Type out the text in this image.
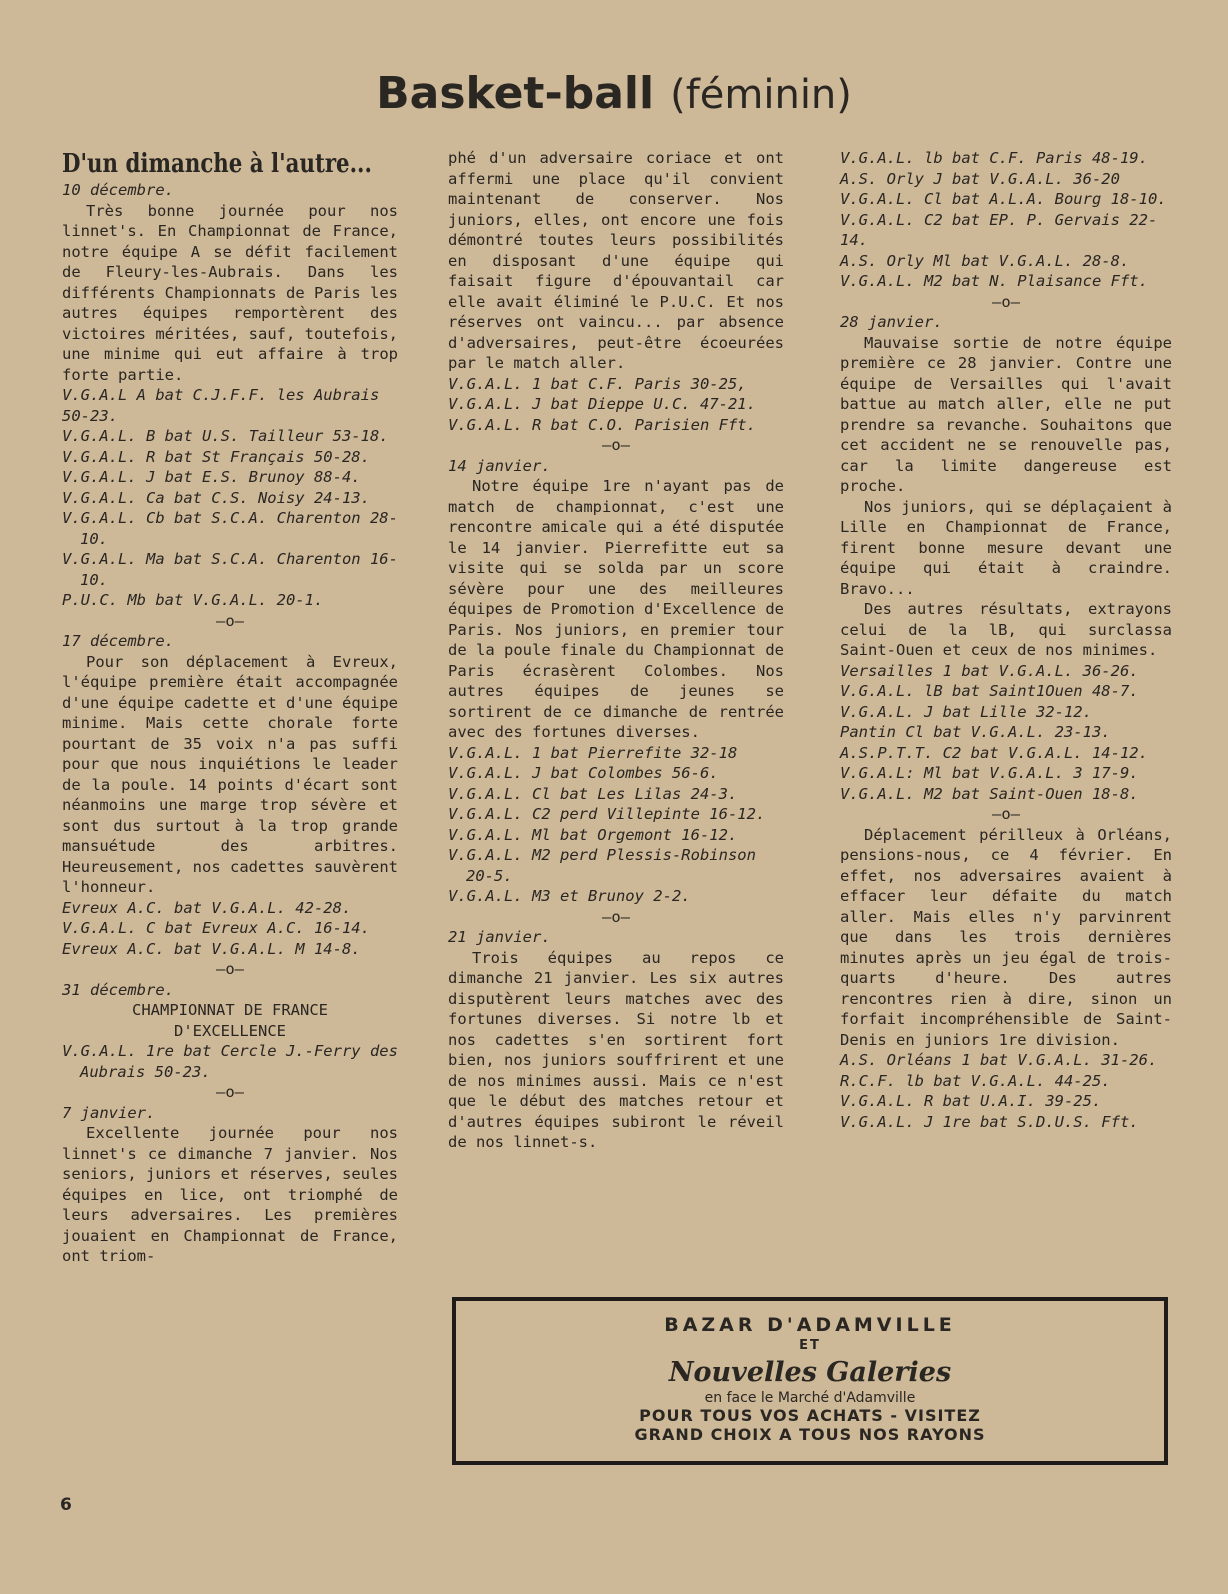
Basket-ball (féminin)

D'un dimanche à l'autre...

10 décembre.

Très bonne journée pour nos linnet's. En Championnat de France, notre équipe A se défit facilement de Fleury-les-Aubrais. Dans les différents Championnats de Paris les autres équipes remportèrent des victoires méritées, sauf, toutefois, une minime qui eut affaire à trop forte partie.

V.G.A.L A bat C.J.F.F. les Aubrais 50-23.

V.G.A.L. B bat U.S. Tailleur 53-18.

V.G.A.L. R bat St Français 50-28.

V.G.A.L. J bat E.S. Brunoy 88-4.

V.G.A.L. Ca bat C.S. Noisy 24-13.

V.G.A.L. Cb bat S.C.A. Charenton 28-10.

V.G.A.L. Ma bat S.C.A. Charenton 16-10.

P.U.C. Mb bat V.G.A.L. 20-1.

—o—

17 décembre.

Pour son déplacement à Evreux, l'équipe première était accompagnée d'une équipe cadette et d'une équipe minime. Mais cette chorale forte pourtant de 35 voix n'a pas suffi pour que nous inquiétions le leader de la poule. 14 points d'écart sont néanmoins une marge trop sévère et sont dus surtout à la trop grande mansuétude des arbitres. Heureusement, nos cadettes sauvèrent l'honneur.

Evreux A.C. bat V.G.A.L. 42-28.

V.G.A.L. C bat Evreux A.C. 16-14.

Evreux A.C. bat V.G.A.L. M 14-8.

—o—

31 décembre.

CHAMPIONNAT DE FRANCE
D'EXCELLENCE

V.G.A.L. 1re bat Cercle J.-Ferry des Aubrais 50-23.

—o—

7 janvier.

Excellente journée pour nos linnet's ce dimanche 7 janvier. Nos seniors, juniors et réserves, seules équipes en lice, ont triomphé de leurs adversaires. Les premières jouaient en Championnat de France, ont triom-

phé d'un adversaire coriace et ont affermi une place qu'il convient maintenant de conserver. Nos juniors, elles, ont encore une fois démontré toutes leurs possibilités en disposant d'une équipe qui faisait figure d'épouvantail car elle avait éliminé le P.U.C. Et nos réserves ont vaincu... par absence d'adversaires, peut-être écoeurées par le match aller.

V.G.A.L. 1 bat C.F. Paris 30-25,

V.G.A.L. J bat Dieppe U.C. 47-21.

V.G.A.L. R bat C.O. Parisien Fft.

—o—

14 janvier.

Notre équipe 1re n'ayant pas de match de championnat, c'est une rencontre amicale qui a été disputée le 14 janvier. Pierrefitte eut sa visite qui se solda par un score sévère pour une des meilleures équipes de Promotion d'Excellence de Paris. Nos juniors, en premier tour de la poule finale du Championnat de Paris écrasèrent Colombes. Nos autres équipes de jeunes se sortirent de ce dimanche de rentrée avec des fortunes diverses.

V.G.A.L. 1 bat Pierrefite 32-18

V.G.A.L. J bat Colombes 56-6.

V.G.A.L. Cl bat Les Lilas 24-3.

V.G.A.L. C2 perd Villepinte 16-12.

V.G.A.L. Ml bat Orgemont 16-12.

V.G.A.L. M2 perd Plessis-Robinson 20-5.

V.G.A.L. M3 et Brunoy 2-2.

—o—

21 janvier.

Trois équipes au repos ce dimanche 21 janvier. Les six autres disputèrent leurs matches avec des fortunes diverses. Si notre lb et nos cadettes s'en sortirent fort bien, nos juniors souffrirent et une de nos minimes aussi. Mais ce n'est que le début des matches retour et d'autres équipes subiront le réveil de nos linnet-s.

V.G.A.L. lb bat C.F. Paris 48-19.

A.S. Orly J bat V.G.A.L. 36-20

V.G.A.L. Cl bat A.L.A. Bourg 18-10.

V.G.A.L. C2 bat EP. P. Gervais 22-14.

A.S. Orly Ml bat V.G.A.L. 28-8.

V.G.A.L. M2 bat N. Plaisance Fft.

—o—

28 janvier.

Mauvaise sortie de notre équipe première ce 28 janvier. Contre une équipe de Versailles qui l'avait battue au match aller, elle ne put prendre sa revanche. Souhaitons que cet accident ne se renouvelle pas, car la limite dangereuse est proche.

Nos juniors, qui se déplaçaient à Lille en Championnat de France, firent bonne mesure devant une équipe qui était à craindre. Bravo...

Des autres résultats, extrayons celui de la lB, qui surclassa Saint-Ouen et ceux de nos minimes.

Versailles 1 bat V.G.A.L. 36-26.

V.G.A.L. lB bat Saint1Ouen 48-7.

V.G.A.L. J bat Lille 32-12.

Pantin Cl bat V.G.A.L. 23-13.

A.S.P.T.T. C2 bat V.G.A.L. 14-12.

V.G.A.L: Ml bat V.G.A.L. 3 17-9.

V.G.A.L. M2 bat Saint-Ouen 18-8.

—o—

Déplacement périlleux à Orléans, pensions-nous, ce 4 février. En effet, nos adversaires avaient à effacer leur défaite du match aller. Mais elles n'y parvinrent que dans les trois dernières minutes après un jeu égal de trois-quarts d'heure. Des autres rencontres rien à dire, sinon un forfait incompréhensible de Saint-Denis en juniors 1re division.

A.S. Orléans 1 bat V.G.A.L. 31-26.

R.C.F. lb bat V.G.A.L. 44-25.

V.G.A.L. R bat U.A.I. 39-25.

V.G.A.L. J 1re bat S.D.U.S. Fft.

BAZAR D'ADAMVILLE
ET
Nouvelles Galeries
en face le Marché d'Adamville
POUR TOUS VOS ACHATS - VISITEZ
GRAND CHOIX A TOUS NOS RAYONS
6
